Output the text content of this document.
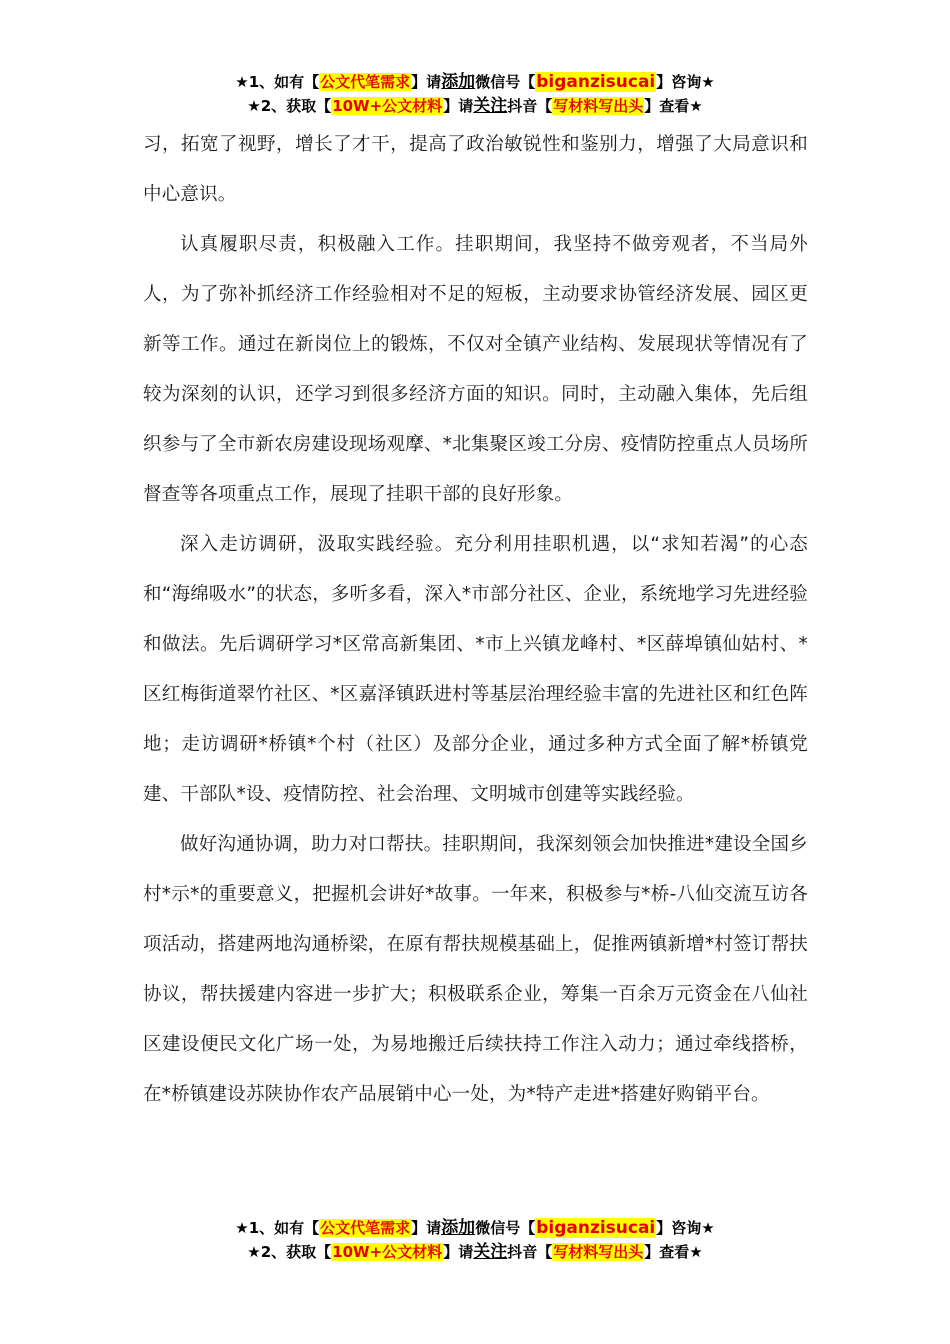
★1、如有【公文代笔需求】请添加微信号【biganzisucai】咨询★
★2、获取【10W+公文材料】请关注抖音【写材料写出头】查看★

习，拓宽了视野，增长了才干，提高了政治敏锐性和鉴别力，增强了大局意识和中心意识。

认真履职尽责，积极融入工作。挂职期间，我坚持不做旁观者，不当局外人，为了弥补抓经济工作经验相对不足的短板，主动要求协管经济发展、园区更新等工作。通过在新岗位上的锻炼，不仅对全镇产业结构、发展现状等情况有了较为深刻的认识，还学习到很多经济方面的知识。同时，主动融入集体，先后组织参与了全市新农房建设现场观摩、*北集聚区竣工分房、疫情防控重点人员场所督查等各项重点工作，展现了挂职干部的良好形象。

深入走访调研，汲取实践经验。充分利用挂职机遇，以“求知若渴”的心态和“海绵吸水”的状态，多听多看，深入*市部分社区、企业，系统地学习先进经验和做法。先后调研学习*区常高新集团、*市上兴镇龙峰村、*区薛埠镇仙姑村、*区红梅街道翠竹社区、*区嘉泽镇跃进村等基层治理经验丰富的先进社区和红色阵地；走访调研*桥镇*个村（社区）及部分企业，通过多种方式全面了解*桥镇党建、干部队*设、疫情防控、社会治理、文明城市创建等实践经验。

做好沟通协调，助力对口帮扶。挂职期间，我深刻领会加快推进*建设全国乡村*示*的重要意义，把握机会讲好*故事。一年来，积极参与*桥-八仙交流互访各项活动，搭建两地沟通桥梁，在原有帮扶规模基础上，促推两镇新增*村签订帮扶协议，帮扶援建内容进一步扩大；积极联系企业，筹集一百余万元资金在八仙社区建设便民文化广场一处，为易地搬迁后续扶持工作注入动力；通过牵线搭桥，在*桥镇建设苏陕协作农产品展销中心一处，为*特产走进*搭建好购销平台。

★1、如有【公文代笔需求】请添加微信号【biganzisucai】咨询★
★2、获取【10W+公文材料】请关注抖音【写材料写出头】查看★
